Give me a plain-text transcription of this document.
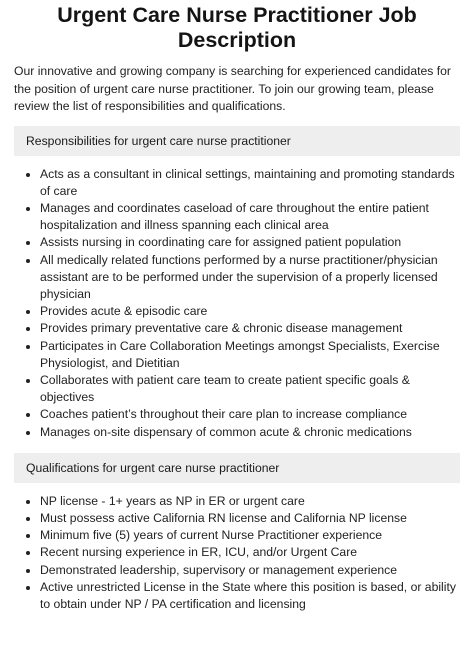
Urgent Care Nurse Practitioner Job Description

Our innovative and growing company is searching for experienced candidates for the position of urgent care nurse practitioner. To join our growing team, please review the list of responsibilities and qualifications.

Responsibilities for urgent care nurse practitioner
Acts as a consultant in clinical settings, maintaining and promoting standards of care
Manages and coordinates caseload of care throughout the entire patient hospitalization and illness spanning each clinical area
Assists nursing in coordinating care for assigned patient population
All medically related functions performed by a nurse practitioner/physician assistant are to be performed under the supervision of a properly licensed physician
Provides acute & episodic care
Provides primary preventative care & chronic disease management
Participates in Care Collaboration Meetings amongst Specialists, Exercise Physiologist, and Dietitian
Collaborates with patient care team to create patient specific goals & objectives
Coaches patient’s throughout their care plan to increase compliance
Manages on-site dispensary of common acute & chronic medications
Qualifications for urgent care nurse practitioner
NP license - 1+ years as NP in ER or urgent care
Must possess active California RN license and California NP license
Minimum five (5) years of current Nurse Practitioner experience
Recent nursing experience in ER, ICU, and/or Urgent Care
Demonstrated leadership, supervisory or management experience
Active unrestricted License in the State where this position is based, or ability to obtain under NP / PA certification and licensing
